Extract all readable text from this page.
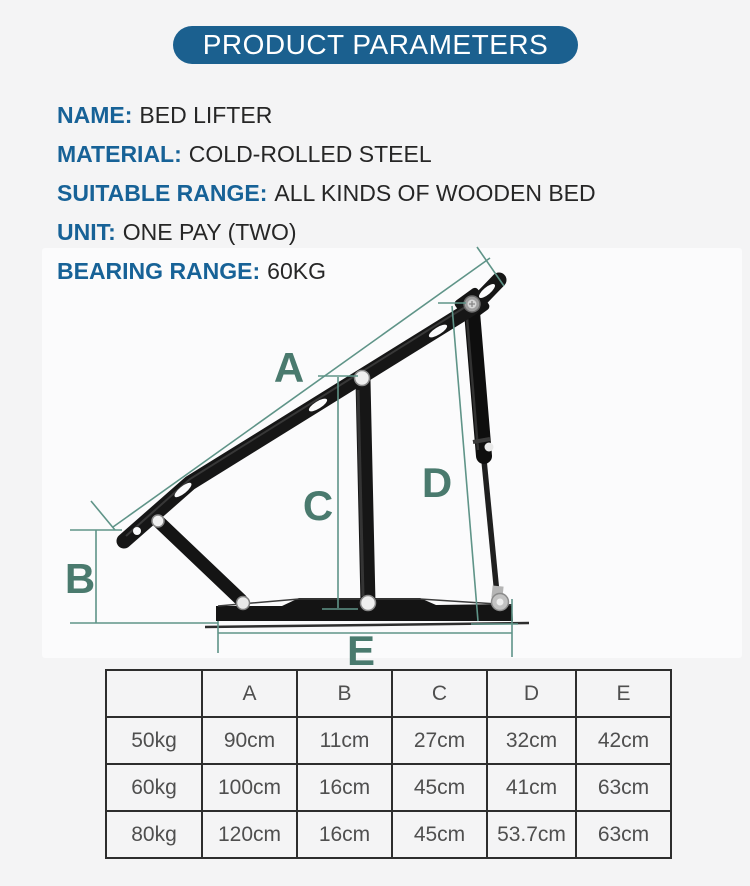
A
B
C D
E
PRODUCT PARAMETERS
NAME: BED LIFTER
MATERIAL: COLD-ROLLED STEEL
SUITABLE RANGE: ALL KINDS OF WOODEN BED
UNIT: ONE PAY (TWO)
BEARING RANGE: 60KG
	A	B	C	D	E
50kg	90cm	11cm	27cm	32cm	42cm
60kg	100cm	16cm	45cm	41cm	63cm
80kg	120cm	16cm	45cm	53.7cm	63cm
